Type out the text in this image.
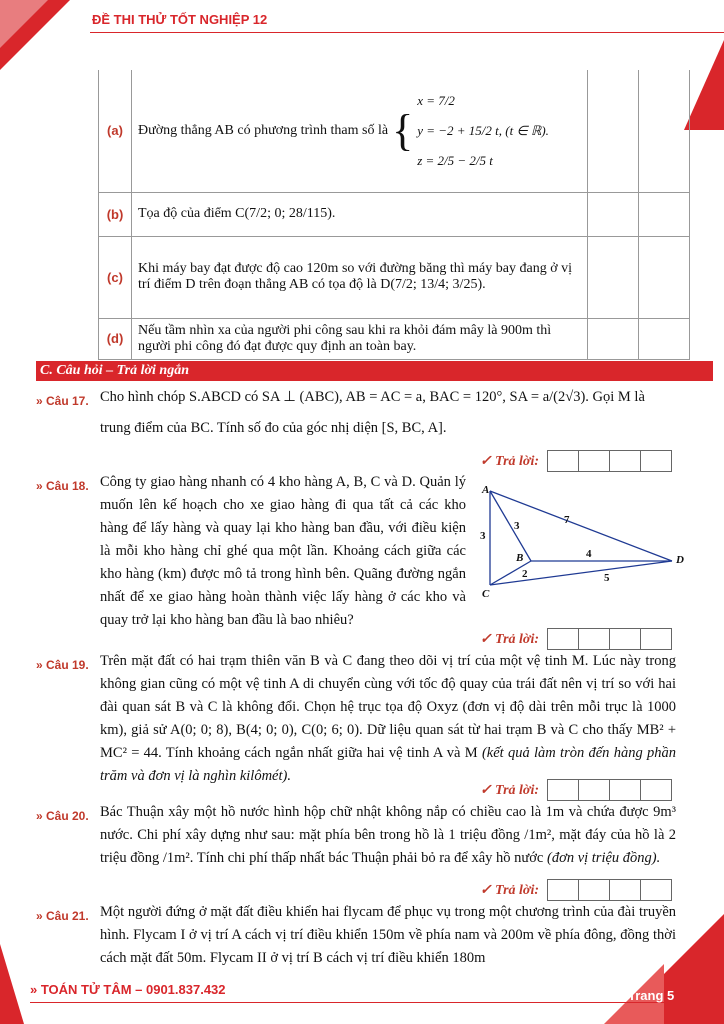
ĐỀ THI THỬ TỐT NGHIỆP 12
(a)	Đường thẳng AB có phương trình tham số là {
x = 7/2
y = −2 + 15/2 t, (t ∈ ℝ).
z = 2/5 − 2/5 t		

(b)	Tọa độ của điểm C(7/2; 0; 28/115).		
(c)	Khi máy bay đạt được độ cao 120m so với đường băng thì máy bay đang ở vị trí điểm D trên đoạn thẳng AB có tọa độ là D(7/2; 13/4; 3/25).		
(d)	Nếu tầm nhìn xa của người phi công sau khi ra khỏi đám mây là 900m thì người phi công đó đạt được quy định an toàn bay.		
C. Câu hỏi – Trả lời ngắn
» Câu 17. Cho hình chóp S.ABCD có SA ⊥ (ABC), AB = AC = a, BAC = 120°, SA = a/(2√3). Gọi M là
trung điểm của BC. Tính số đo của góc nhị diện [S, BC, A].
✓ Trả lời:
» Câu 18. Công ty giao hàng nhanh có 4 kho hàng A, B, C và D. Quản lý muốn lên kế hoạch cho xe giao hàng đi qua tất cả các kho hàng để lấy hàng và quay lại kho hàng ban đầu, với điều kiện là mỗi kho hàng chỉ ghé qua một lần. Khoảng cách giữa các kho hàng (km) được mô tả trong hình bên. Quãng đường ngắn nhất để xe giao hàng hoàn thành việc lấy hàng ở các kho và quay trở lại kho hàng ban đầu là bao nhiêu?
A
B
C
D
3
3	7
2
4
5
✓ Trả lời:
» Câu 19. Trên mặt đất có hai trạm thiên văn B và C đang theo dõi vị trí của một vệ tinh M. Lúc này trong không gian cũng có một vệ tinh A di chuyển cùng với tốc độ quay của trái đất nên vị trí so với hai đài quan sát B và C là không đổi. Chọn hệ trục tọa độ Oxyz (đơn vị độ dài trên mỗi trục là 1000 km), giả sử A(0; 0; 8), B(4; 0; 0), C(0; 6; 0). Dữ liệu quan sát từ hai trạm B và C cho thấy MB² + MC² = 44. Tính khoảng cách ngắn nhất giữa hai vệ tinh A và M (kết quả làm tròn đến hàng phần trăm và đơn vị là nghìn kilômét).
✓ Trả lời:
» Câu 20. Bác Thuận xây một hồ nước hình hộp chữ nhật không nắp có chiều cao là 1m và chứa được 9m³ nước. Chi phí xây dựng như sau: mặt phía bên trong hồ là 1 triệu đồng /1m², mặt đáy của hồ là 2 triệu đồng /1m². Tính chi phí thấp nhất bác Thuận phải bỏ ra để xây hồ nước (đơn vị triệu đồng).
✓ Trả lời:
» Câu 21. Một người đứng ở mặt đất điều khiển hai flycam để phục vụ trong một chương trình của đài truyền hình. Flycam I ở vị trí A cách vị trí điều khiển 150m về phía nam và 200m về phía đông, đồng thời cách mặt đất 50m. Flycam II ở vị trí B cách vị trí điều khiển 180m
» TOÁN TỬ TÂM – 0901.837.432	Trang 5
